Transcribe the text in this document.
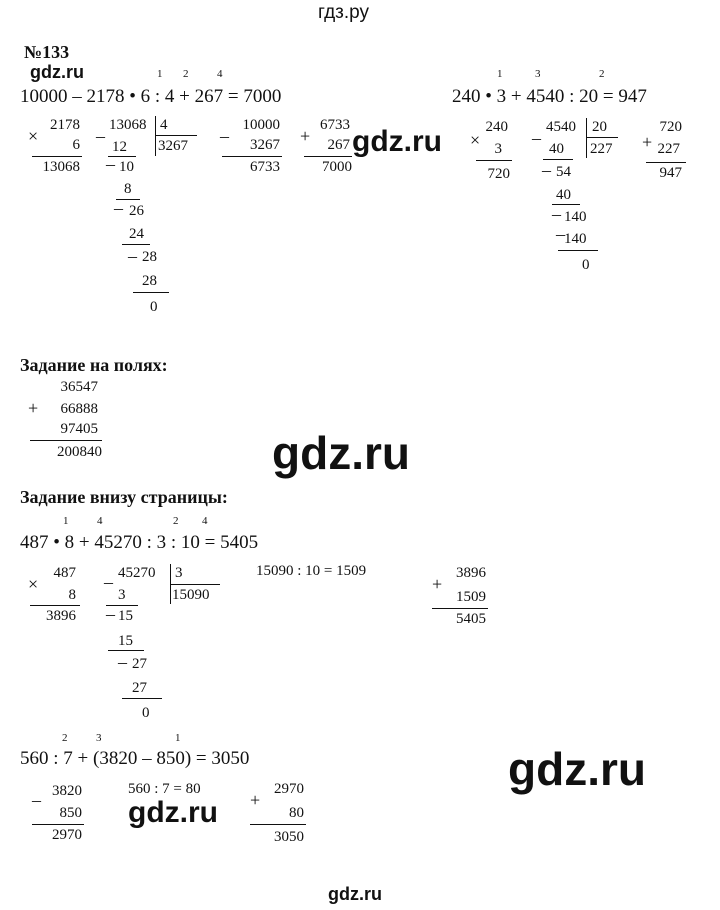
гдз.ру
gdz.ru
gdz.ru
gdz.ru
gdz.ru
gdz.ru
gdz.ru
№133
1 2	4
10000 – 2178 • 6 : 4 + 267 = 7000
×
2178
6
13068
–
13068 4
3267
12
– 10
8
– 26
24
– 28
28
0
–
10000
3267
6733
+
6733
267
7000
1	3	2
240 • 3 + 4540 : 20 = 947
×
240
3
720
–
4540 20
227
40
– 54
40
– 140
140
–
0
+
720
227
947
Задание на полях:
36547
+	66888
97405
200840
Задание внизу страницы:
1	4	2 4
487 • 8 + 45270 : 3 : 10 = 5405
×
487
8
3896
– 45270 3
15090
3
– 15
15
– 27
27
0
15090 : 10 = 1509
+
3896
1509
5405
2	3	1
560 : 7 + (3820 – 850) = 3050
– 3820
850
2970
560 : 7 = 80
+
2970
80
3050
